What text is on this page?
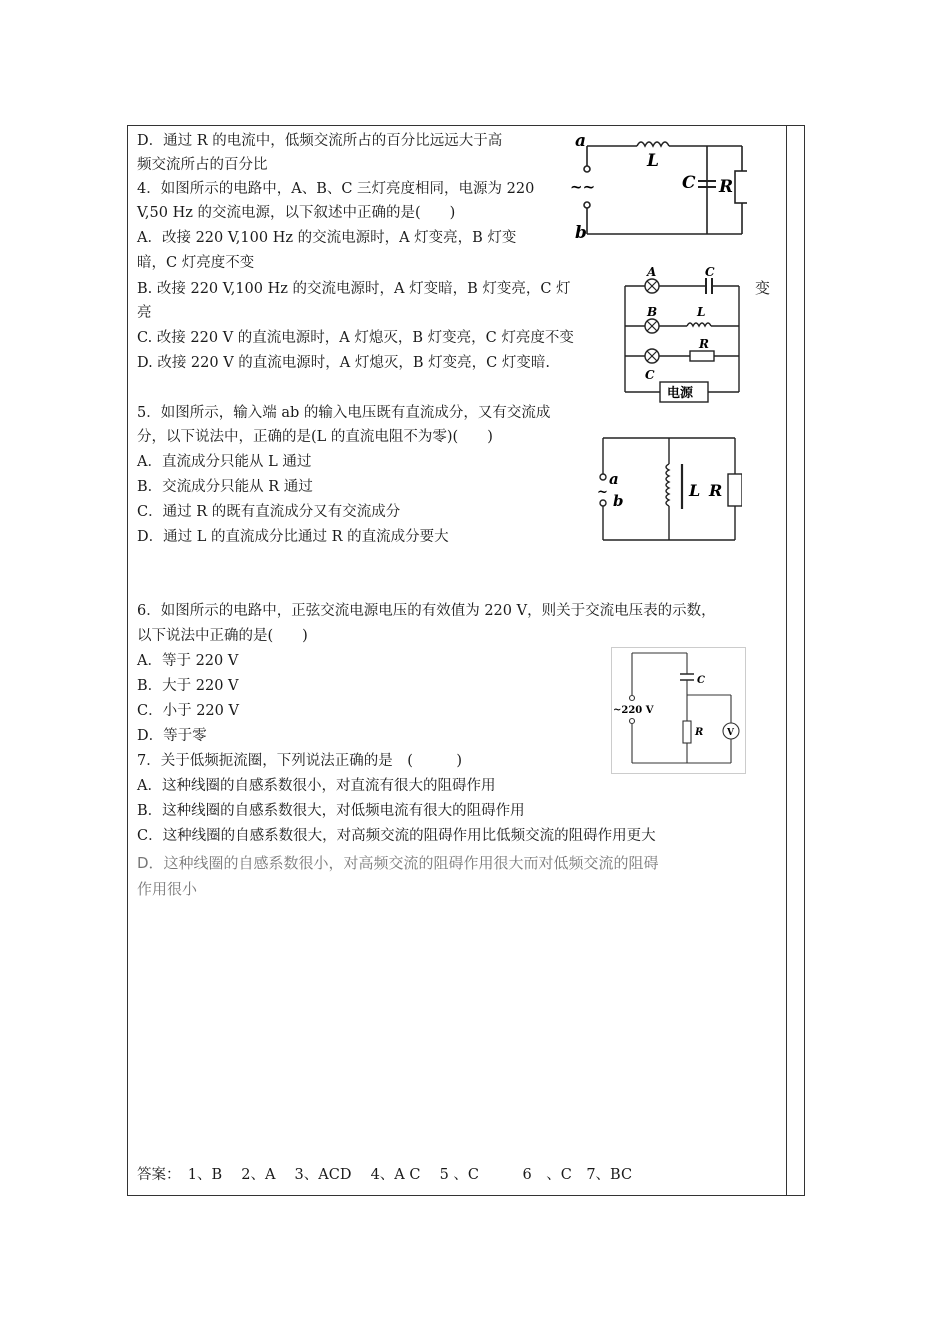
D．通过 R 的电流中，低频交流所占的百分比远远大于高
频交流所占的百分比
4．如图所示的电路中，A、B、C 三灯亮度相同，电源为 220
V,50 Hz 的交流电源，以下叙述中正确的是(　　)
A．改接 220 V,100 Hz 的交流电源时，A 灯变亮，B 灯变
暗，C 灯亮度不变
B. 改接 220 V,100 Hz 的交流电源时，A 灯变暗，B 灯变亮，C 灯	变
亮
C. 改接 220 V 的直流电源时，A 灯熄灭，B 灯变亮，C 灯亮度不变
D. 改接 220 V 的直流电源时，A 灯熄灭，B 灯变亮，C 灯变暗.
5．如图所示，输入端 ab 的输入电压既有直流成分，又有交流成
分，以下说法中，正确的是(L 的直流电阻不为零)(　　)
A．直流成分只能从 L 通过
B．交流成分只能从 R 通过
C．通过 R 的既有直流成分又有交流成分
D．通过 L 的直流成分比通过 R 的直流成分要大
6．如图所示的电路中，正弦交流电源电压的有效值为 220 V，则关于交流电压表的示数，
以下说法中正确的是(　　)
A．等于 220 V
B．大于 220 V
C．小于 220 V
D．等于零
7．关于低频扼流圈，下列说法正确的是　(　　　)
A．这种线圈的自感系数很小，对直流有很大的阻碍作用
B．这种线圈的自感系数很大，对低频电流有很大的阻碍作用
C．这种线圈的自感系数很大，对高频交流的阻碍作用比低频交流的阻碍作用更大
D．这种线圈的自感系数很小，对高频交流的阻碍作用很大而对低频交流的阻碍
作用很小
答案：　1、B　 2、A　 3、ACD　 4、A C　 5 、C　　　6　、C　7、BC
a
b
~~
L
C R
A	C
B	L
R
C
电源
a
b
~	L R
~220 V
C
R	V
